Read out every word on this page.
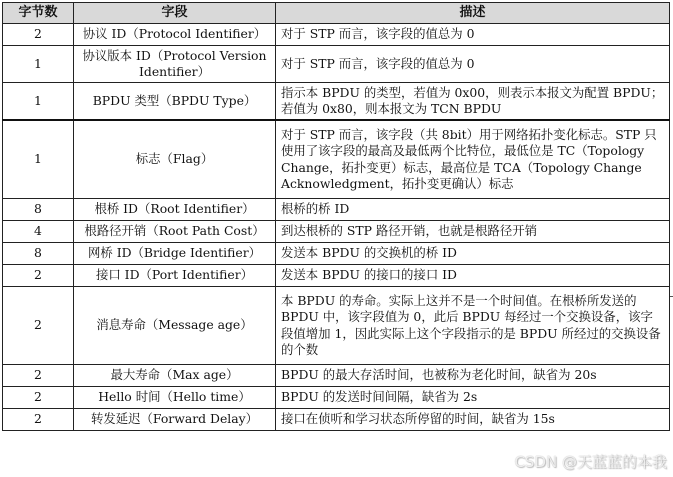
字节数	字段	描述
2	协议 ID（Protocol Identifier）	对于 STP 而言，该字段的值总为 0
1	协议版本 ID（Protocol Version Identifier）	对于 STP 而言，该字段的值总为 0
1	BPDU 类型（BPDU Type）	指示本 BPDU 的类型，若值为 0x00，则表示本报文为配置 BPDU；若值为 0x80，则本报文为 TCN BPDU
1	标志（Flag）	对于 STP 而言，该字段（共 8bit）用于网络拓扑变化标志。STP 只使用了该字段的最高及最低两个比特位，最低位是 TC（Topology Change，拓扑变更）标志，最高位是 TCA（Topology Change Acknowledgment，拓扑变更确认）标志
8	根桥 ID（Root Identifier）	根桥的桥 ID
4	根路径开销（Root Path Cost）	到达根桥的 STP 路径开销，也就是根路径开销
8	网桥 ID（Bridge Identifier）	发送本 BPDU 的交换机的桥 ID
2	接口 ID（Port Identifier）	发送本 BPDU 的接口的接口 ID
2	消息寿命（Message age）	本 BPDU 的寿命。实际上这并不是一个时间值。在根桥所发送的 BPDU 中，该字段值为 0，此后 BPDU 每经过一个交换设备，该字段值增加 1，因此实际上这个字段指示的是 BPDU 所经过的交换设备的个数
2	最大寿命（Max age）	BPDU 的最大存活时间，也被称为老化时间，缺省为 20s
2	Hello 时间（Hello time）	BPDU 的发送时间间隔，缺省为 2s
2	转发延迟（Forward Delay）	接口在侦听和学习状态所停留的时间，缺省为 15s
CSDN @天蓝蓝的本我
